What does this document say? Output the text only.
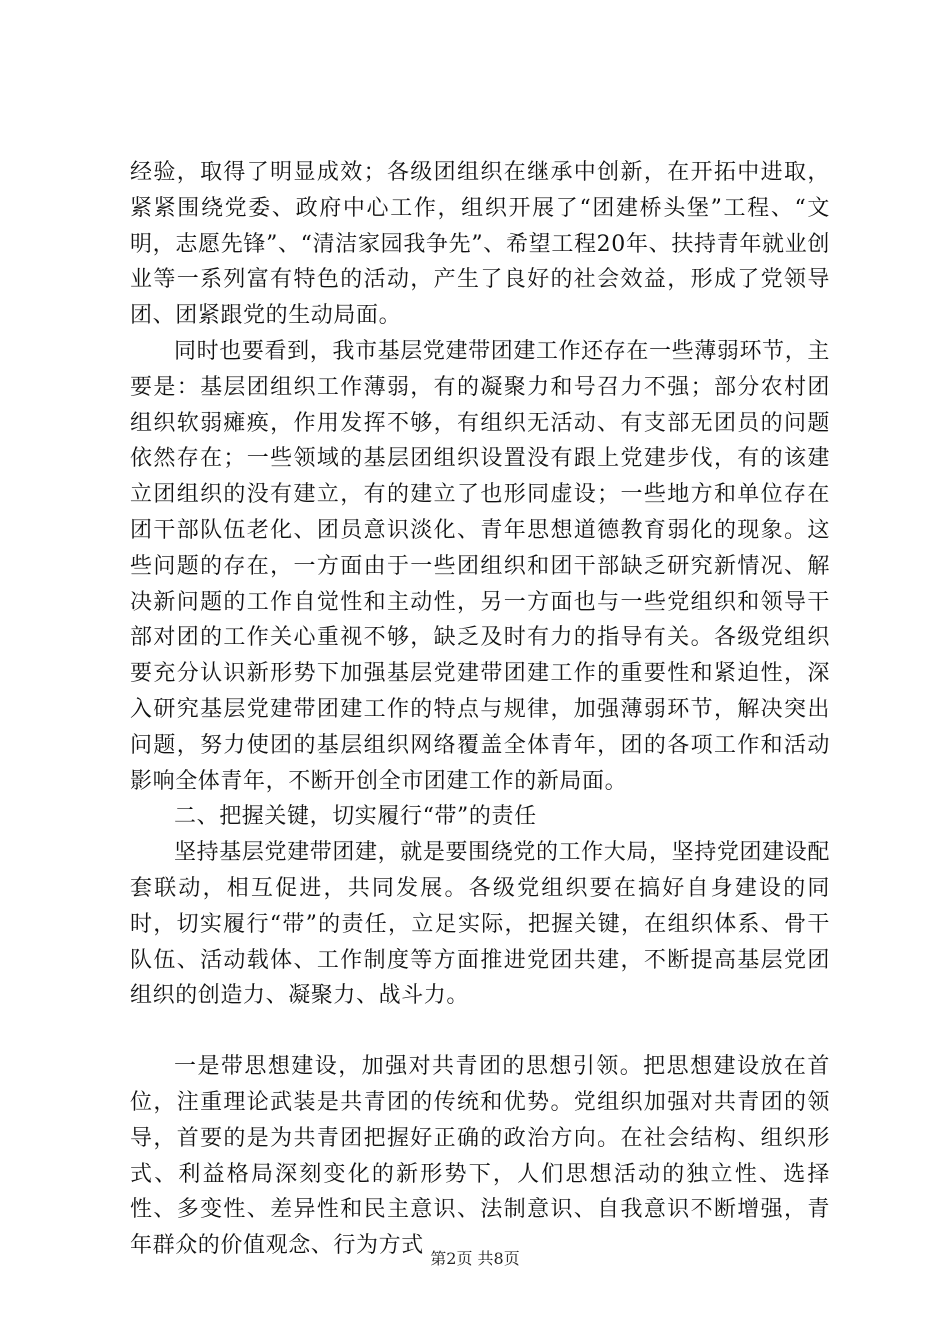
经验，取得了明显成效；各级团组织在继承中创新，在开拓中进取，紧紧围绕党委、政府中心工作，组织开展了“团建桥头堡”工程、“文明，志愿先锋”、“清洁家园我争先”、希望工程20年、扶持青年就业创业等一系列富有特色的活动，产生了良好的社会效益，形成了党领导团、团紧跟党的生动局面。

同时也要看到，我市基层党建带团建工作还存在一些薄弱环节，主要是：基层团组织工作薄弱，有的凝聚力和号召力不强；部分农村团组织软弱瘫痪，作用发挥不够，有组织无活动、有支部无团员的问题依然存在；一些领域的基层团组织设置没有跟上党建步伐，有的该建立团组织的没有建立，有的建立了也形同虚设；一些地方和单位存在团干部队伍老化、团员意识淡化、青年思想道德教育弱化的现象。这些问题的存在，一方面由于一些团组织和团干部缺乏研究新情况、解决新问题的工作自觉性和主动性，另一方面也与一些党组织和领导干部对团的工作关心重视不够，缺乏及时有力的指导有关。各级党组织要充分认识新形势下加强基层党建带团建工作的重要性和紧迫性，深入研究基层党建带团建工作的特点与规律，加强薄弱环节，解决突出问题，努力使团的基层组织网络覆盖全体青年，团的各项工作和活动影响全体青年，不断开创全市团建工作的新局面。

二、把握关键，切实履行“带”的责任

坚持基层党建带团建，就是要围绕党的工作大局，坚持党团建设配套联动，相互促进，共同发展。各级党组织要在搞好自身建设的同时，切实履行“带”的责任，立足实际，把握关键，在组织体系、骨干队伍、活动载体、工作制度等方面推进党团共建，不断提高基层党团组织的创造力、凝聚力、战斗力。

一是带思想建设，加强对共青团的思想引领。把思想建设放在首位，注重理论武装是共青团的传统和优势。党组织加强对共青团的领导，首要的是为共青团把握好正确的政治方向。在社会结构、组织形式、利益格局深刻变化的新形势下，人们思想活动的独立性、选择性、多变性、差异性和民主意识、法制意识、自我意识不断增强，青年群众的价值观念、行为方式

第2页 共8页
